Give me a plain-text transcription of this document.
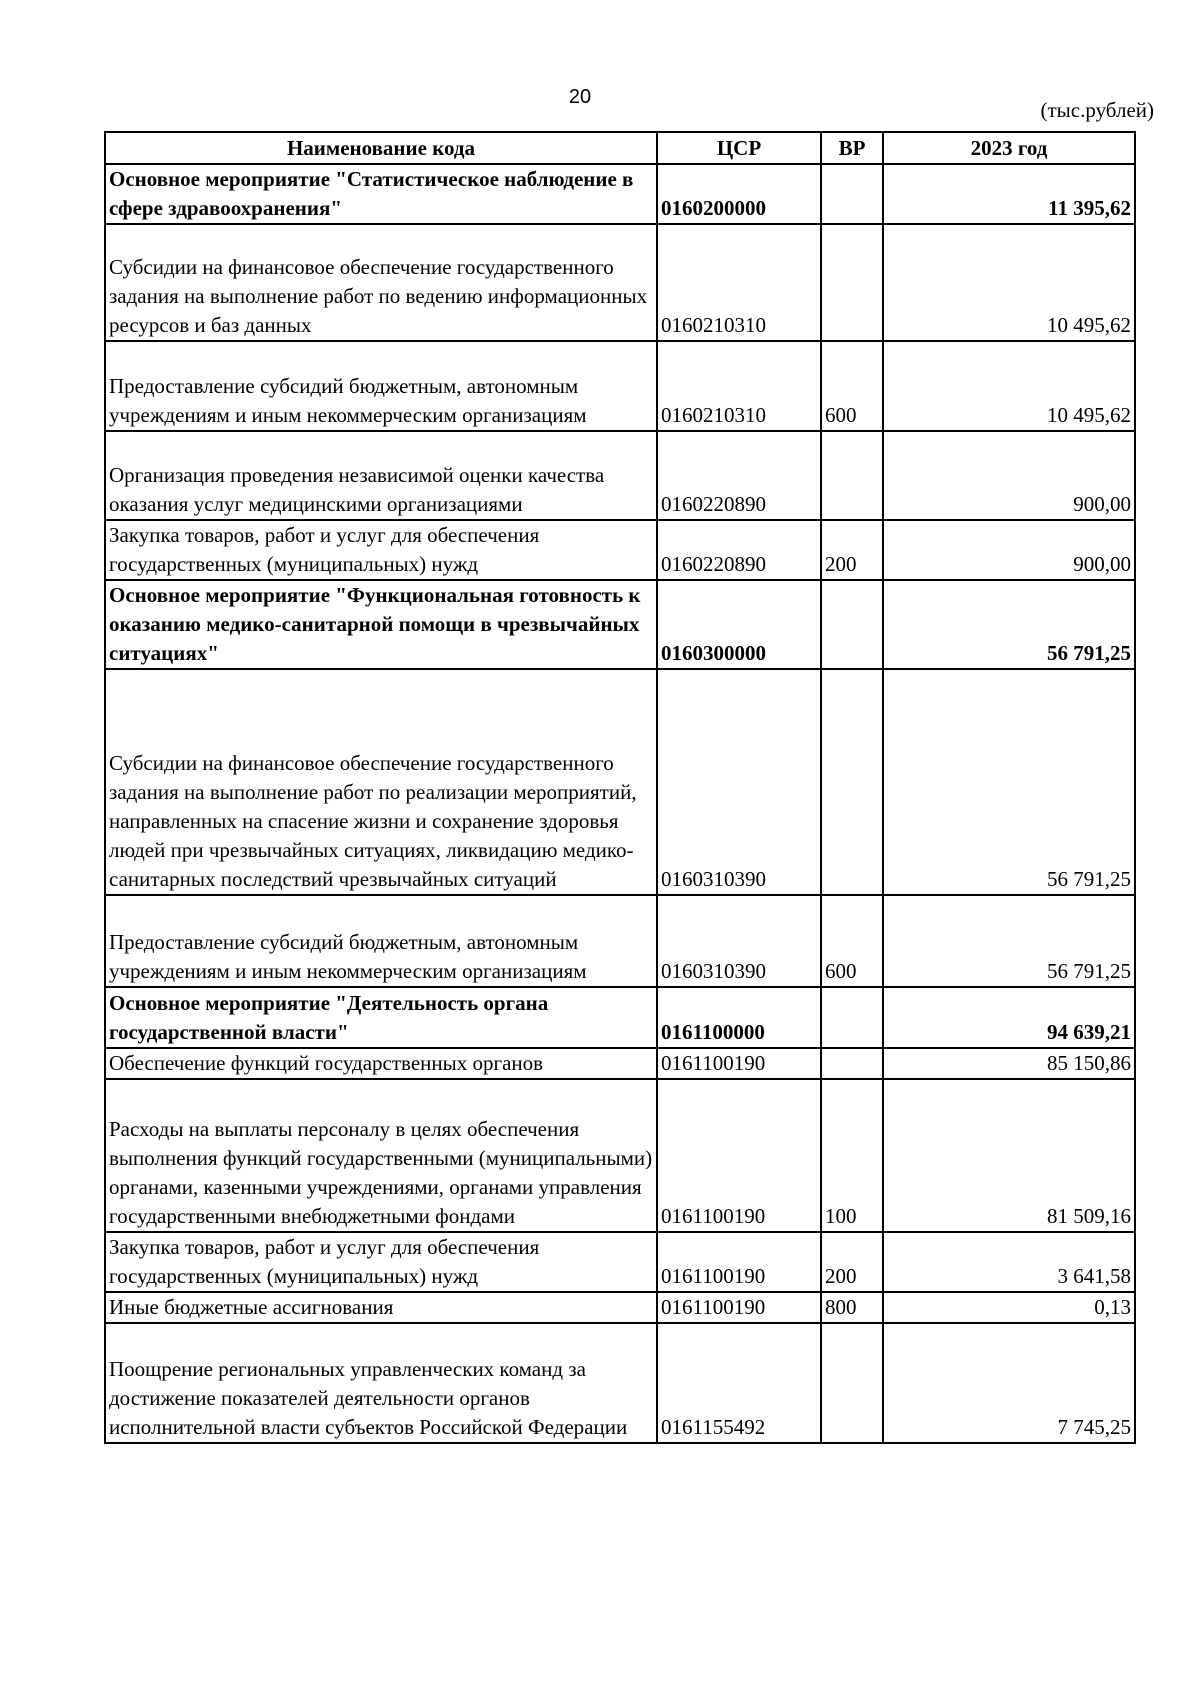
20
(тыс.рублей)
Наименование кода	ЦСР	ВР	2023 год
Основное мероприятие "Статистическое наблюдение в сфере здравоохранения"	0160200000		11 395,62
Субсидии на финансовое обеспечение государственного задания на выполнение работ по ведению информационных ресурсов и баз данных	0160210310		10 495,62
Предоставление субсидий бюджетным, автономным учреждениям и иным некоммерческим организациям	0160210310	600	10 495,62
Организация проведения независимой оценки качества оказания услуг медицинскими организациями	0160220890		900,00
Закупка товаров, работ и услуг для обеспечения государственных (муниципальных) нужд	0160220890	200	900,00
Основное мероприятие "Функциональная готовность к оказанию медико-санитарной помощи в чрезвычайных ситуациях"	0160300000		56 791,25
Субсидии на финансовое обеспечение государственного задания на выполнение работ по реализации мероприятий, направленных на спасение жизни и сохранение здоровья людей при чрезвычайных ситуациях, ликвидацию медико-санитарных последствий чрезвычайных ситуаций	0160310390		56 791,25
Предоставление субсидий бюджетным, автономным учреждениям и иным некоммерческим организациям	0160310390	600	56 791,25
Основное мероприятие "Деятельность органа государственной власти"	0161100000		94 639,21
Обеспечение функций государственных органов	0161100190		85 150,86
Расходы на выплаты персоналу в целях обеспечения выполнения функций государственными (муниципальными) органами, казенными учреждениями, органами управления государственными внебюджетными фондами	0161100190	100	81 509,16
Закупка товаров, работ и услуг для обеспечения государственных (муниципальных) нужд	0161100190	200	3 641,58
Иные бюджетные ассигнования	0161100190	800	0,13
Поощрение региональных управленческих команд за достижение показателей деятельности органов исполнительной власти субъектов Российской Федерации	0161155492		7 745,25
